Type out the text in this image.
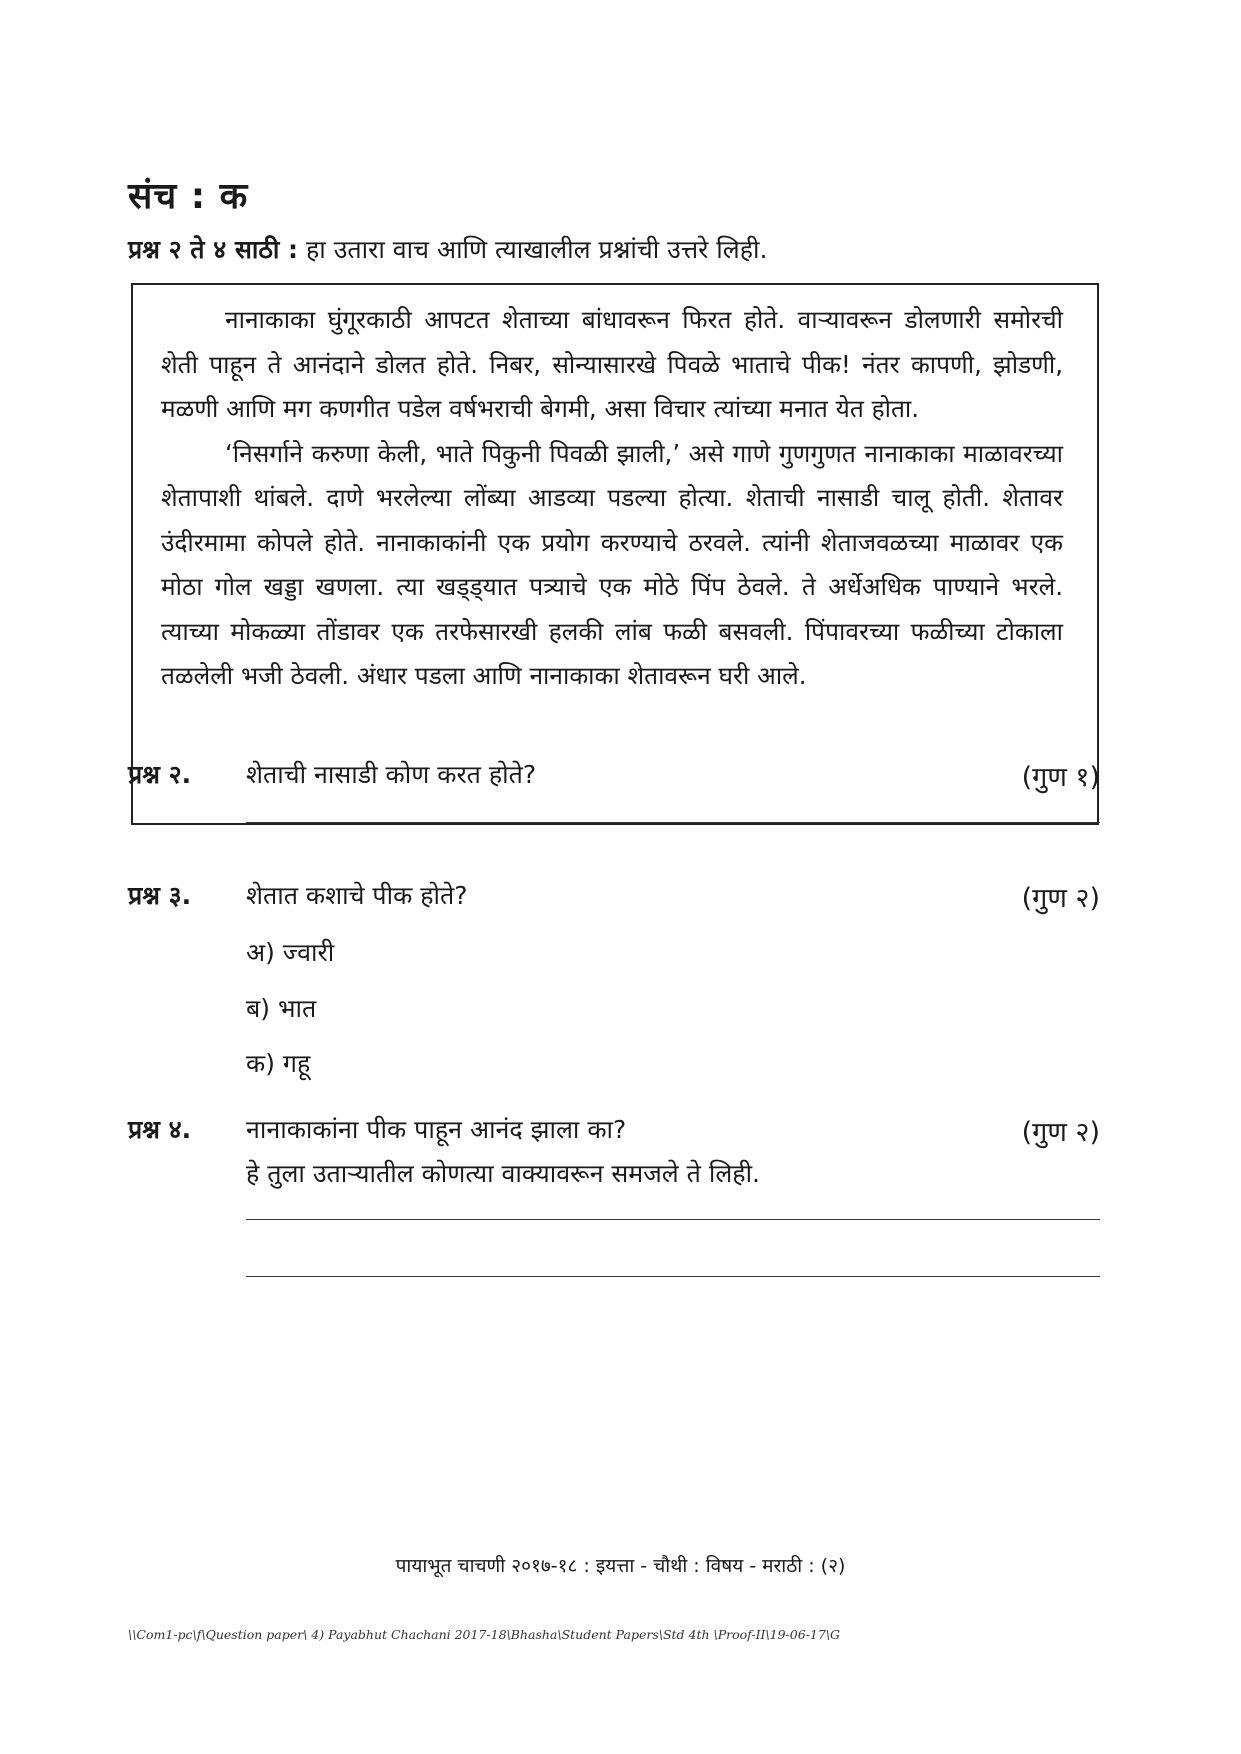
संच : क
प्रश्न २ ते ४ साठी : हा उतारा वाच आणि त्याखालील प्रश्नांची उत्तरे लिही.

नानाकाका घुंगूरकाठी आपटत शेताच्या बांधावरून फिरत होते. वाऱ्यावरून डोलणारी समोरची शेती पाहून ते आनंदाने डोलत होते. निबर, सोन्यासारखे पिवळे भाताचे पीक! नंतर कापणी, झोडणी, मळणी आणि मग कणगीत पडेल वर्षभराची बेगमी, असा विचार त्यांच्या मनात येत होता.

‘निसर्गाने करुणा केली, भाते पिकुनी पिवळी झाली,’ असे गाणे गुणगुणत नानाकाका माळावरच्या शेतापाशी थांबले. दाणे भरलेल्या लोंब्या आडव्या पडल्या होत्या. शेताची नासाडी चालू होती. शेतावर उंदीरमामा कोपले होते. नानाकाकांनी एक प्रयोग करण्याचे ठरवले. त्यांनी शेताजवळच्या माळावर एक मोठा गोल खड्डा खणला. त्या खड्ड्यात पत्र्याचे एक मोठे पिंप ठेवले. ते अर्धेअधिक पाण्याने भरले. त्याच्या मोकळ्या तोंडावर एक तरफेसारखी हलकी लांब फळी बसवली. पिंपावरच्या फळीच्या टोकाला तळलेली भजी ठेवली. अंधार पडला आणि नानाकाका शेतावरून घरी आले.

प्रश्न २. शेताची नासाडी कोण करत होते?	(गुण १)
प्रश्न ३. शेतात कशाचे पीक होते?	(गुण २)
अ) ज्वारी
ब) भात
क) गहू
प्रश्न ४. नानाकाकांना पीक पाहून आनंद झाला का?
हे तुला उताऱ्यातील कोणत्या वाक्यावरून समजले ते लिही.
(गुण २)
पायाभूत चाचणी २०१७-१८ : इयत्ता - चौथी : विषय - मराठी : (२)
\\Com1-pc\f\Question paper\ 4) Payabhut Chachani 2017-18\Bhasha\Student Papers\Std 4th \Proof-II\19-06-17\G
